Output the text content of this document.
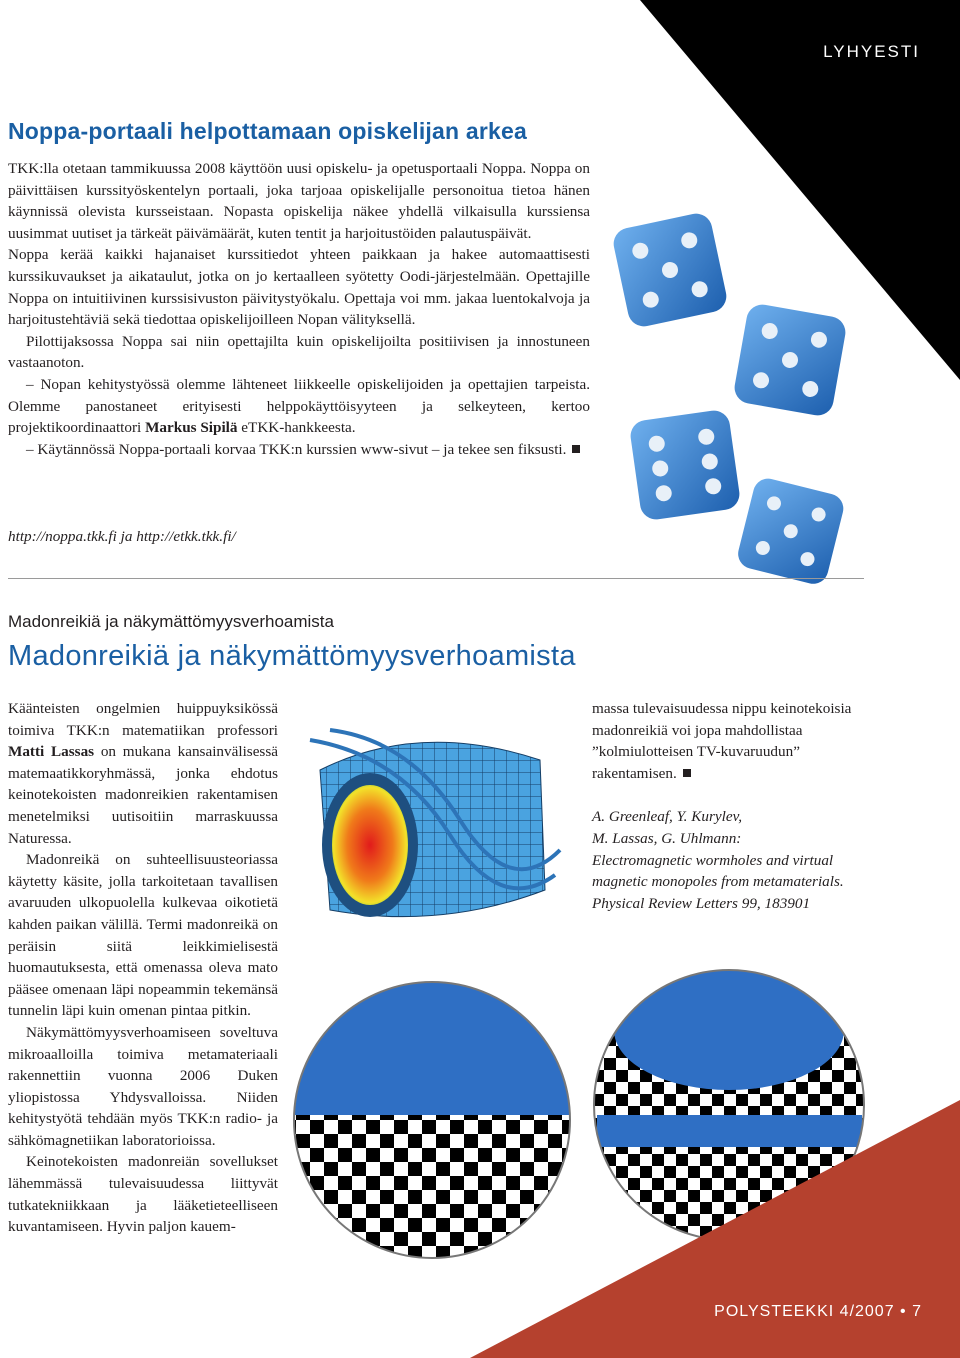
LYHYESTI
Noppa-portaali helpottamaan opiskelijan arkea

TKK:lla otetaan tammikuussa 2008 käyttöön uusi opiskelu- ja opetusportaali Noppa. Noppa on päivittäisen kurssityöskentelyn portaali, joka tarjoaa opiskelijalle personoitua tietoa hänen käynnissä olevista kursseistaan. Nopasta opiskelija näkee yhdellä vilkaisulla kurssiensa uusimmat uutiset ja tärkeät päivämäärät, kuten tentit ja harjoitustöiden palautuspäivät.

Noppa kerää kaikki hajanaiset kurssitiedot yhteen paikkaan ja hakee automaattisesti kurssikuvaukset ja aikataulut, jotka on jo kertaalleen syötetty Oodi-järjestelmään. Opettajille Noppa on intuitiivinen kurssisivuston päivitystyökalu. Opettaja voi mm. jakaa luentokalvoja ja harjoitustehtäviä sekä tiedottaa opiskelijoilleen Nopan välityksellä.

Pilottijaksossa Noppa sai niin opettajilta kuin opiskelijoilta positiivisen ja innostuneen vastaanoton.

– Nopan kehitystyössä olemme lähteneet liikkeelle opiskelijoiden ja opettajien tarpeista. Olemme panostaneet erityisesti helppokäyttöisyyteen ja selkeyteen, kertoo projektikoordinaattori Markus Sipilä eTKK-hankkeesta.

– Käytännössä Noppa-portaali korvaa TKK:n kurssien www-sivut – ja tekee sen fiksusti.

http://noppa.tkk.fi ja http://etkk.tkk.fi/
Madonreikiä ja näkymättömyysverhoamista
Madonreikiä ja näkymättömyysverhoamista

Käänteisten ongelmien huippuyksikössä toimiva TKK:n matematiikan professori Matti Lassas on mukana kansainvälisessä matemaatikkoryhmässä, jonka ehdotus keinotekoisten madonreikien rakentamisen menetelmiksi uutisoitiin marraskuussa Naturessa.

Madonreikä on suhteellisuusteoriassa käytetty käsite, jolla tarkoitetaan tavallisen avaruuden ulkopuolella kulkevaa oikotietä kahden paikan välillä. Termi madonreikä on peräisin siitä leikkimielisestä huomautuksesta, että omenassa oleva mato pääsee omenaan läpi nopeammin tekemänsä tunnelin läpi kuin omenan pintaa pitkin.

Näkymättömyysverhoamiseen soveltuva mikroaalloilla toimiva metamateriaali rakennettiin vuonna 2006 Duken yliopistossa Yhdysvalloissa. Niiden kehitystyötä tehdään myös TKK:n radio- ja sähkömagnetiikan laboratorioissa.

Keinotekoisten madonreiän sovellukset lähemmässä tulevaisuudessa liittyvät tutkatekniikkaan ja lääketieteelliseen kuvantamiseen. Hyvin paljon kauem-

massa tulevaisuudessa nippu keinotekoisia madonreikiä voi jopa mahdollistaa ”kolmiulotteisen TV-kuvaruudun” rakentamisen.

A. Greenleaf, Y. Kurylev,
M. Lassas, G. Uhlmann:
Electromagnetic wormholes and virtual magnetic monopoles from metamaterials. Physical Review Letters 99, 183901

POLYSTEEKKI 4/2007 • 7
